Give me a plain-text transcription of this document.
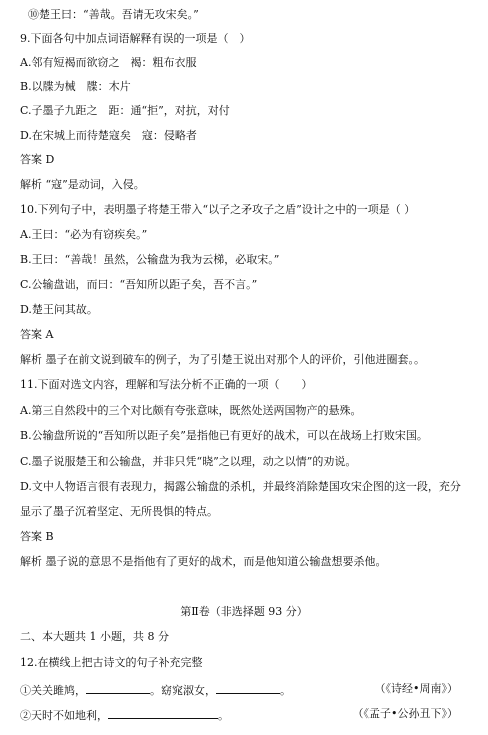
⑩楚王曰：“善哉。吾请无攻宋矣。”
9.下面各句中加点词语解释有误的一项是（　）
A.邻有短褐而欲窃之　褐：粗布衣服
B.以牒为械　牒：木片
C.子墨子九距之　距：通“拒”，对抗，对付
D.在宋城上而待楚寇矣　寇：侵略者
答案 D
解析 “寇”是动词，入侵。
10.下列句子中，表明墨子将楚王带入“以子之矛攻子之盾”设计之中的一项是（ ）
A.王曰：“必为有窃疾矣。”
B.王曰：“善哉！虽然，公输盘为我为云梯，必取宋。”
C.公输盘诎，而曰：“吾知所以距子矣，吾不言。”
D.楚王问其故。
答案 A
解析 墨子在前文说到破车的例子，为了引楚王说出对那个人的评价，引他进圈套。。
11.下面对选文内容，理解和写法分析不正确的一项（　　）
A.第三自然段中的三个对比颇有夸张意味，既然处送两国物产的悬殊。
B.公输盘所说的“吾知所以距子矣”是指他已有更好的战术，可以在战场上打败宋国。
C.墨子说服楚王和公输盘，并非只凭“晓”之以理，动之以情”的劝说。
D.文中人物语言很有表现力，揭露公输盘的杀机，并最终消除楚国攻宋企图的这一段，充分
显示了墨子沉着坚定、无所畏惧的特点。
答案 B
解析 墨子说的意思不是指他有了更好的战术，而是他知道公输盘想要杀他。
第Ⅱ卷（非选择题 93 分）
二、本大题共 1 小题，共 8 分
12.在横线上把古诗文的句子补充完整
①关关雎鸠，	。窈窕淑女，	。	（《诗经•周南》）
②天时不如地利，	。	（《孟子•公孙丑下》）
